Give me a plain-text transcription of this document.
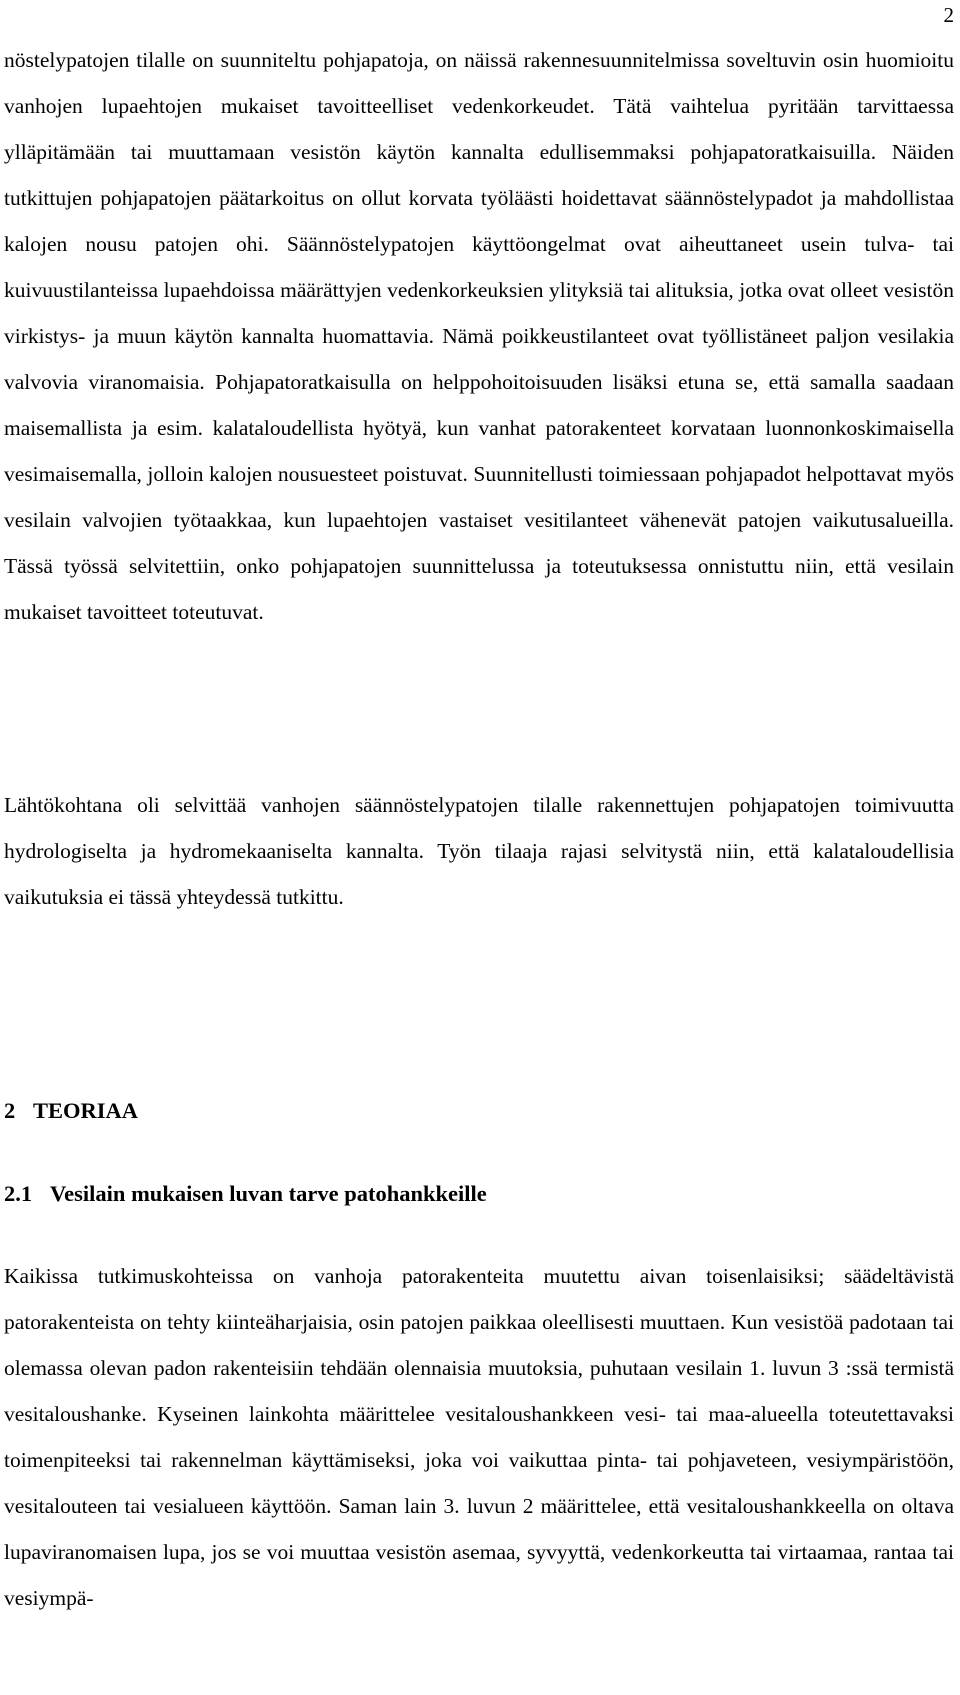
2

nöstelypatojen tilalle on suunniteltu pohjapatoja, on näissä rakennesuunnitelmissa soveltuvin osin huomioitu vanhojen lupaehtojen mukaiset tavoitteelliset vedenkorkeudet. Tätä vaihtelua pyritään tarvittaessa ylläpitämään tai muuttamaan vesistön käytön kannalta edullisemmaksi pohjapatoratkaisuilla. Näiden tutkittujen pohjapatojen päätarkoitus on ollut korvata työläästi hoidettavat säännöstelypadot ja mahdollistaa kalojen nousu patojen ohi. Säännöstelypatojen käyttöongelmat ovat aiheuttaneet usein tulva- tai kuivuustilanteissa lupaehdoissa määrättyjen vedenkorkeuksien ylityksiä tai alituksia, jotka ovat olleet vesistön virkistys- ja muun käytön kannalta huomattavia. Nämä poikkeustilanteet ovat työllistäneet paljon vesilakia valvovia viranomaisia. Pohjapatoratkaisulla on helppohoitoisuuden lisäksi etuna se, että samalla saadaan maisemallista ja esim. kalataloudellista hyötyä, kun vanhat patorakenteet korvataan luonnonkoskimaisella vesimaisemalla, jolloin kalojen nousuesteet poistuvat. Suunnitellusti toimiessaan pohjapadot helpottavat myös vesilain valvojien työtaakkaa, kun lupaehtojen vastaiset vesitilanteet vähenevät patojen vaikutusalueilla. Tässä työssä selvitettiin, onko pohjapatojen suunnittelussa ja toteutuksessa onnistuttu niin, että vesilain mukaiset tavoitteet toteutuvat.

Lähtökohtana oli selvittää vanhojen säännöstelypatojen tilalle rakennettujen pohjapatojen toimivuutta hydrologiselta ja hydromekaaniselta kannalta. Työn tilaaja rajasi selvitystä niin, että kalataloudellisia vaikutuksia ei tässä yhteydessä tutkittu.

2 TEORIAA
2.1 Vesilain mukaisen luvan tarve patohankkeille

Kaikissa tutkimuskohteissa on vanhoja patorakenteita muutettu aivan toisenlaisiksi; säädeltävistä patorakenteista on tehty kiinteäharjaisia, osin patojen paikkaa oleellisesti muuttaen. Kun vesistöä padotaan tai olemassa olevan padon rakenteisiin tehdään olennaisia muutoksia, puhutaan vesilain 1. luvun 3 :ssä termistä vesitaloushanke. Kyseinen lainkohta määrittelee vesitaloushankkeen vesi- tai maa-alueella toteutettavaksi toimenpiteeksi tai rakennelman käyttämiseksi, joka voi vaikuttaa pinta- tai pohjaveteen, vesiympäristöön, vesitalouteen tai vesialueen käyttöön. Saman lain 3. luvun 2 määrittelee, että vesitaloushankkeella on oltava lupaviranomaisen lupa, jos se voi muuttaa vesistön asemaa, syvyyttä, vedenkorkeutta tai virtaamaa, rantaa tai vesiympä-
